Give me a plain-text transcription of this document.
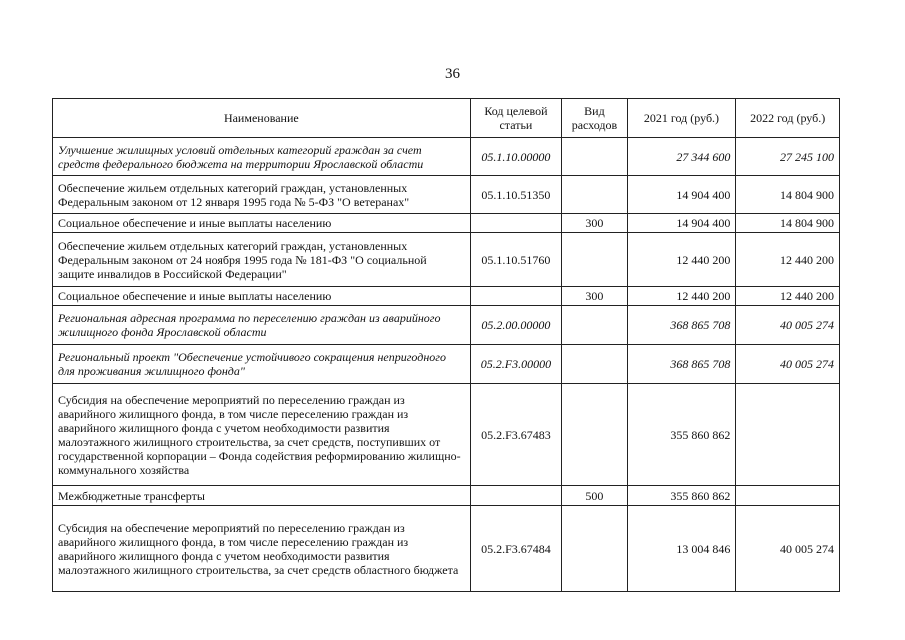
36
Наименование	Код целевой статьи	Вид расходов	2021 год (руб.)	2022 год (руб.)
Улучшение жилищных условий отдельных категорий граждан за счет средств федерального бюджета на территории Ярославской области	05.1.10.00000		27 344 600	27 245 100
Обеспечение жильем отдельных категорий граждан, установленных Федеральным законом от 12 января 1995 года № 5-ФЗ "О ветеранах"	05.1.10.51350		14 904 400	14 804 900
Социальное обеспечение и иные выплаты населению		300	14 904 400	14 804 900
Обеспечение жильем отдельных категорий граждан, установленных Федеральным законом от 24 ноября 1995 года № 181-ФЗ "О социальной защите инвалидов в Российской Федерации"	05.1.10.51760		12 440 200	12 440 200
Социальное обеспечение и иные выплаты населению		300	12 440 200	12 440 200
Региональная адресная программа по переселению граждан из аварийного жилищного фонда Ярославской области	05.2.00.00000		368 865 708	40 005 274
Региональный проект "Обеспечение устойчивого сокращения непригодного для проживания жилищного фонда"	05.2.F3.00000		368 865 708	40 005 274
Субсидия на обеспечение мероприятий по переселению граждан из аварийного жилищного фонда, в том числе переселению граждан из аварийного жилищного фонда с учетом необходимости развития малоэтажного жилищного строительства, за счет средств, поступивших от государственной корпорации – Фонда содействия реформированию жилищно-коммунального хозяйства	05.2.F3.67483		355 860 862	
Межбюджетные трансферты		500	355 860 862	
Субсидия на обеспечение мероприятий по переселению граждан из аварийного жилищного фонда, в том числе переселению граждан из аварийного жилищного фонда с учетом необходимости развития малоэтажного жилищного строительства, за счет средств областного бюджета	05.2.F3.67484		13 004 846	40 005 274
